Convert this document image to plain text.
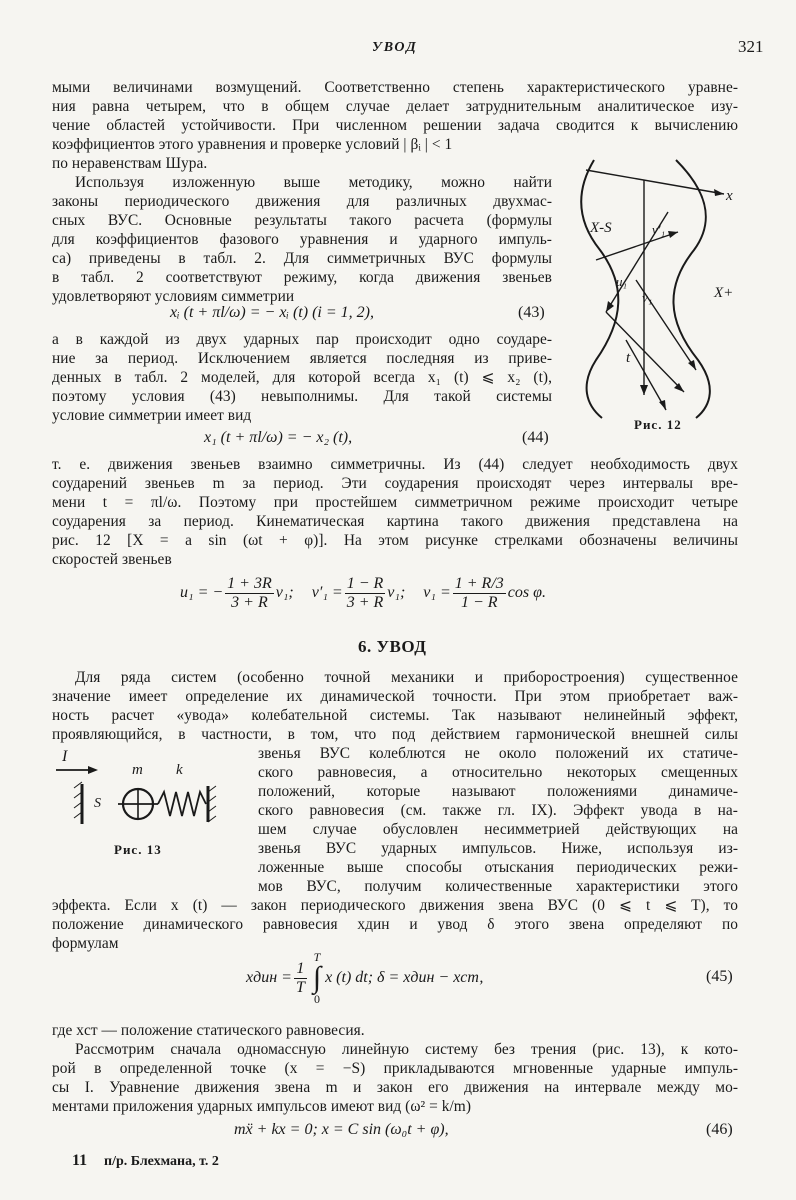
УВОД	321
мыми величинами возмущений. Соответственно степень характеристического уравне-
ния равна четырем, что в общем случае делает затруднительным аналитическое изу-
чение областей устойчивости. При численном решении задача сводится к вычислению
коэффициентов этого уравнения и проверке условий | βᵢ | < 1
по неравенствам Шура.
Используя изложенную выше методику, можно найти
законы периодического движения для различных двухмас-
сных ВУС. Основные результаты такого расчета (формулы
для коэффициентов фазового уравнения и ударного импуль-
са) приведены в табл. 2. Для симметричных ВУС формулы
в табл. 2 соответствуют режиму, когда движения звеньев
удовлетворяют условиям симметрии
xᵢ (t + πl/ω) = − xᵢ (t) (i = 1, 2),	(43)
а в каждой из двух ударных пар происходит одно соударе-
ние за период. Исключением является последняя из приве-
денных в табл. 2 моделей, для которой всегда x₁ (t) ⩽ x₂ (t),
поэтому условия (43) невыполнимы. Для такой системы
условие симметрии имеет вид
x₁ (t + πl/ω) = − x₂ (t),	(44)
X-S
X+
x
t
v′₁
u₁
v₁
Рис. 12
т. е. движения звеньев взаимно симметричны. Из (44) следует необходимость двух
соударений звеньев m за период. Эти соударения происходят через интервалы вре-
мени t = πl/ω. Поэтому при простейшем симметричном режиме происходит четыре
соударения за период. Кинематическая картина такого движения представлена на
рис. 12 [X = a sin (ωt + φ)]. На этом рисунке стрелками обозначены величины
скоростей звеньев
u₁ = − $\frac{1 + 3R}{3 + R} v_1$; $v'_1 = \frac{1 - R}{3 + R} v_1$; $v_1 = \frac{1 + R/3}{1 - R}$ cos φ.
6. УВОД
Для ряда систем (особенно точной механики и приборостроения) существенное
значение имеет определение их динамической точности. При этом приобретает важ-
ность расчет «увода» колебательной системы. Так называют нелинейный эффект,
проявляющийся, в частности, в том, что под действием гармонической внешней силы
звенья ВУС колеблются не около положений их статиче-
ского равновесия, а относительно некоторых смещенных
положений, которые называют положениями динамиче-
ского равновесия (см. также гл. IX). Эффект увода в на-
шем случае обусловлен несимметрией действующих на
звенья ВУС ударных импульсов. Ниже, используя из-
ложенные выше способы отыскания периодических режи-
мов ВУС, получим количественные характеристики этого
I
m k
S
Рис. 13
эффекта. Если x (t) — закон периодического движения звена ВУС (0 ⩽ t ⩽ T), то
положение динамического равновесия xдин и увод δ этого звена определяют по
формулам
xдин = $\frac{1}{T}$
T
∫
0
x (t) dt; δ = xдин − xст,	(45)
где xст — положение статического равновесия.
Рассмотрим сначала одномассную линейную систему без трения (рис. 13), к кото-
рой в определенной точке (x = −S) прикладываются мгновенные ударные импуль-
сы I. Уравнение движения звена m и закон его движения на интервале между мо-
ментами приложения ударных импульсов имеют вид (ω² = k/m)
mẍ + kx = 0; x = C sin (ω₀t + φ),	(46)
11 п/р. Блехмана, т. 2
